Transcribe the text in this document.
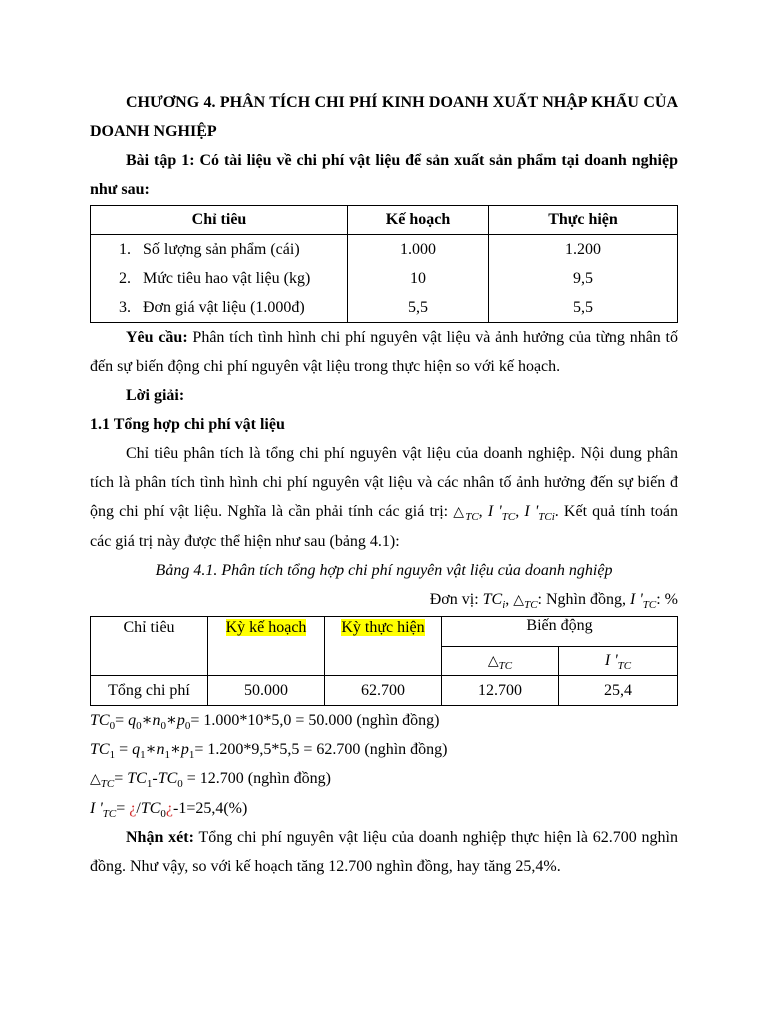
CHƯƠNG 4. PHÂN TÍCH CHI PHÍ KINH DOANH XUẤT NHẬP KHẨU CỦA DOANH NGHIỆP

Bài tập 1: Có tài liệu về chi phí vật liệu để sản xuất sản phẩm tại doanh nghiệp như sau:

Chỉ tiêu	Kế hoạch	Thực hiện
1. Số lượng sản phẩm (cái)	1.000	1.200
2. Mức tiêu hao vật liệu (kg)	10	9,5
3. Đơn giá vật liệu (1.000đ)	5,5	5,5

Yêu cầu: Phân tích tình hình chi phí nguyên vật liệu và ảnh hưởng của từng nhân tố đến sự biến động chi phí nguyên vật liệu trong thực hiện so với kế hoạch.

Lời giải:

1.1 Tổng hợp chi phí vật liệu

Chỉ tiêu phân tích là tổng chi phí nguyên vật liệu của doanh nghiệp. Nội dung phân tích là phân tích tình hình chi phí nguyên vật liệu và các nhân tố ảnh hưởng đến sự biến đ ộng chi phí vật liệu. Nghĩa là cần phải tính các giá trị: $\triangle_{TC}$, I '$_{TC}$, I '$_{TCi}$. Kết quả tính toán các giá trị này được thể hiện như sau (bảng 4.1):

Bảng 4.1. Phân tích tổng hợp chi phí nguyên vật liệu của doanh nghiệp

Đơn vị: $TC_i$, $\triangle_{TC}$: Nghìn đồng, I '$_{TC}$: %

Chỉ tiêu	Kỳ kế hoạch	Kỳ thực hiện	Biến động	
			$\triangle_{TC}$	I '$_{TC}$
Tổng chi phí	50.000	62.700	12.700	25,4

$TC_0=$ $q_0∗n_0∗p_0= 1.000*10*5,0 = 50.000$ (nghìn đồng)

$TC_1$ = $q_1∗n_1∗p_1= 1.200*9,5*5,5 = 62.700$ (nghìn đồng)

$\triangle_{TC}= TC_1-TC_0 = 12.700$ (nghìn đồng)

I '$_{TC}=$ ¿$/TC_0¿-1=25,4(\%)$

Nhận xét: Tổng chi phí nguyên vật liệu của doanh nghiệp thực hiện là 62.700 nghìn đồng. Như vậy, so với kế hoạch tăng 12.700 nghìn đồng, hay tăng 25,4%.
